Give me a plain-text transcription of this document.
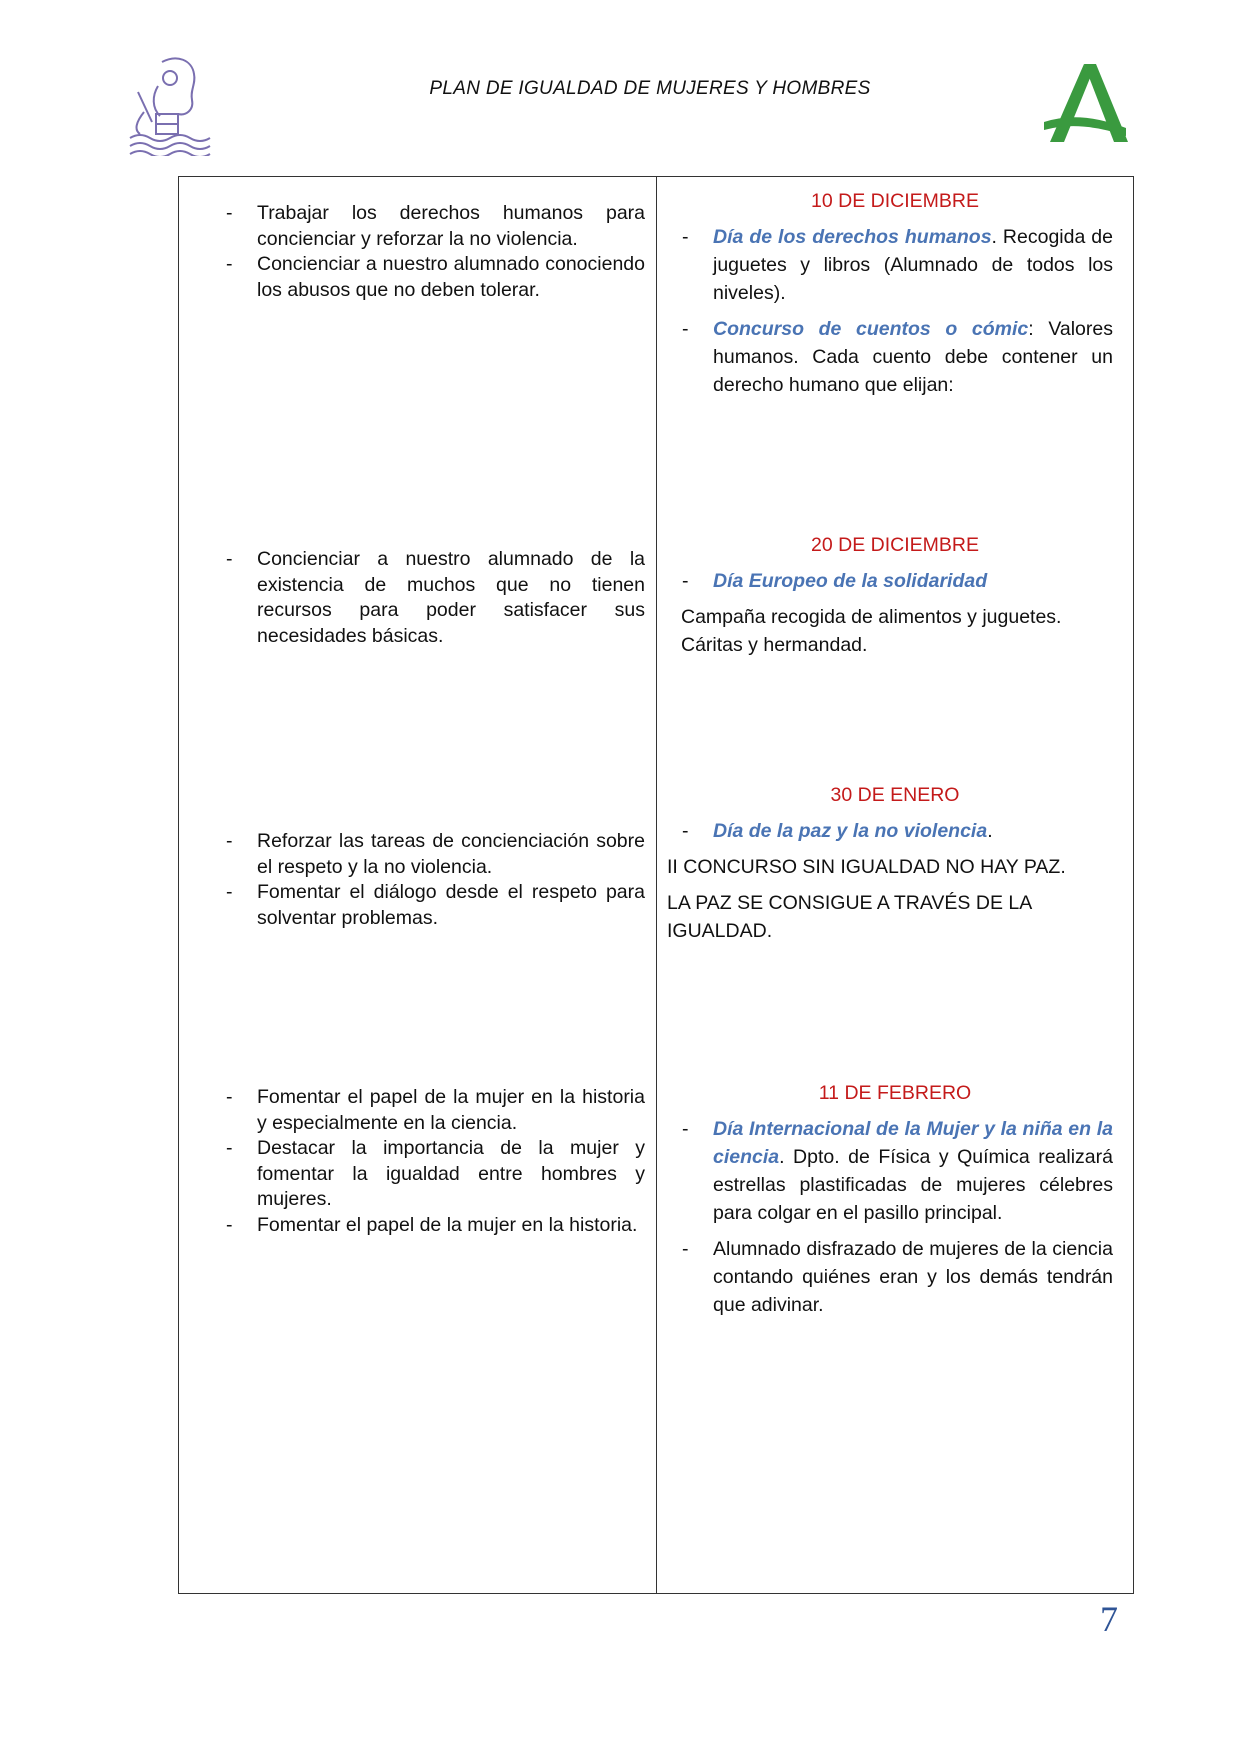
PLAN DE IGUALDAD DE MUJERES Y HOMBRES
- Trabajar los derechos humanos para concienciar y reforzar la no violencia.
- Concienciar a nuestro alumnado conociendo los abusos que no deben tolerar.
10 DE DICIEMBRE
- Día de los derechos humanos. Recogida de juguetes y libros (Alumnado de todos los niveles).
- Concurso de cuentos o cómic: Valores humanos. Cada cuento debe contener un derecho humano que elijan:
- Concienciar a nuestro alumnado de la existencia de muchos que no tienen recursos para poder satisfacer sus necesidades básicas.
20 DE DICIEMBRE
- Día Europeo de la solidaridad
Campaña recogida de alimentos y juguetes. Cáritas y hermandad.
- Reforzar las tareas de concienciación sobre el respeto y la no violencia.
- Fomentar el diálogo desde el respeto para solventar problemas.
30 DE ENERO
- Día de la paz y la no violencia.
II CONCURSO SIN IGUALDAD NO HAY PAZ.
LA PAZ SE CONSIGUE A TRAVÉS DE LA IGUALDAD.
- Fomentar el papel de la mujer en la historia y especialmente en la ciencia.
- Destacar la importancia de la mujer y fomentar la igualdad entre hombres y mujeres.
- Fomentar el papel de la mujer en la historia.
11 DE FEBRERO
- Día Internacional de la Mujer y la niña en la ciencia. Dpto. de Física y Química realizará estrellas plastificadas de mujeres célebres para colgar en el pasillo principal.
- Alumnado disfrazado de mujeres de la ciencia contando quiénes eran y los demás tendrán que adivinar.
7
